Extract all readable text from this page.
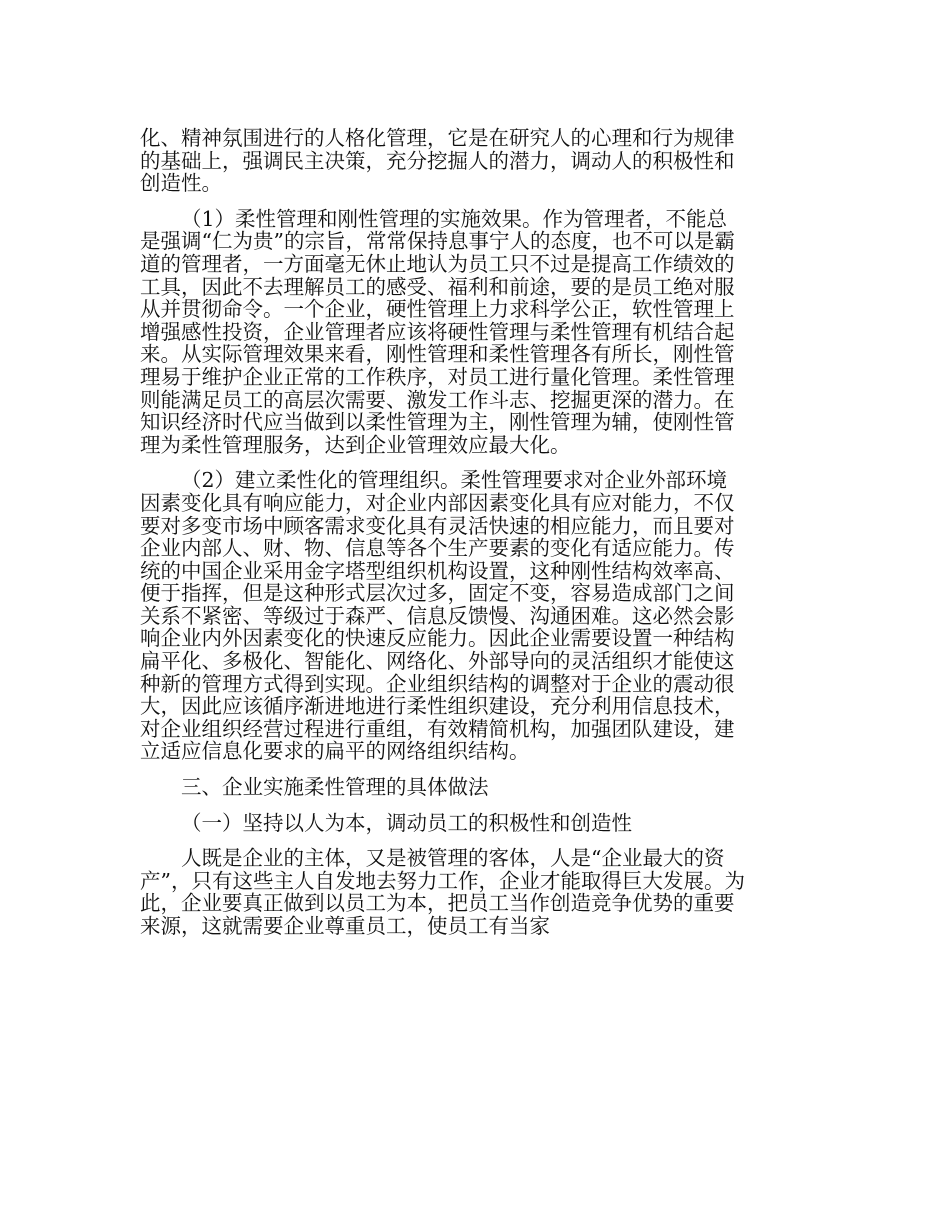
化、精神氛围进行的人格化管理，它是在研究人的心理和行为规律的基础上，强调民主决策，充分挖掘人的潜力，调动人的积极性和创造性。

（1）柔性管理和刚性管理的实施效果。作为管理者，不能总是强调“仁为贵”的宗旨，常常保持息事宁人的态度，也不可以是霸道的管理者，一方面毫无休止地认为员工只不过是提高工作绩效的工具，因此不去理解员工的感受、福利和前途，要的是员工绝对服从并贯彻命令。一个企业，硬性管理上力求科学公正，软性管理上增强感性投资，企业管理者应该将硬性管理与柔性管理有机结合起来。从实际管理效果来看，刚性管理和柔性管理各有所长，刚性管理易于维护企业正常的工作秩序，对员工进行量化管理。柔性管理则能满足员工的高层次需要、激发工作斗志、挖掘更深的潜力。在知识经济时代应当做到以柔性管理为主，刚性管理为辅，使刚性管理为柔性管理服务，达到企业管理效应最大化。

（2）建立柔性化的管理组织。柔性管理要求对企业外部环境因素变化具有响应能力，对企业内部因素变化具有应对能力，不仅要对多变市场中顾客需求变化具有灵活快速的相应能力，而且要对企业内部人、财、物、信息等各个生产要素的变化有适应能力。传统的中国企业采用金字塔型组织机构设置，这种刚性结构效率高、便于指挥，但是这种形式层次过多，固定不变，容易造成部门之间关系不紧密、等级过于森严、信息反馈慢、沟通困难。这必然会影响企业内外因素变化的快速反应能力。因此企业需要设置一种结构扁平化、多极化、智能化、网络化、外部导向的灵活组织才能使这种新的管理方式得到实现。企业组织结构的调整对于企业的震动很大，因此应该循序渐进地进行柔性组织建设，充分利用信息技术，对企业组织经营过程进行重组，有效精简机构，加强团队建设，建立适应信息化要求的扁平的网络组织结构。

三、企业实施柔性管理的具体做法

（一）坚持以人为本，调动员工的积极性和创造性

人既是企业的主体，又是被管理的客体，人是“企业最大的资产”，只有这些主人自发地去努力工作，企业才能取得巨大发展。为此，企业要真正做到以员工为本，把员工当作创造竞争优势的重要来源，这就需要企业尊重员工，使员工有当家
